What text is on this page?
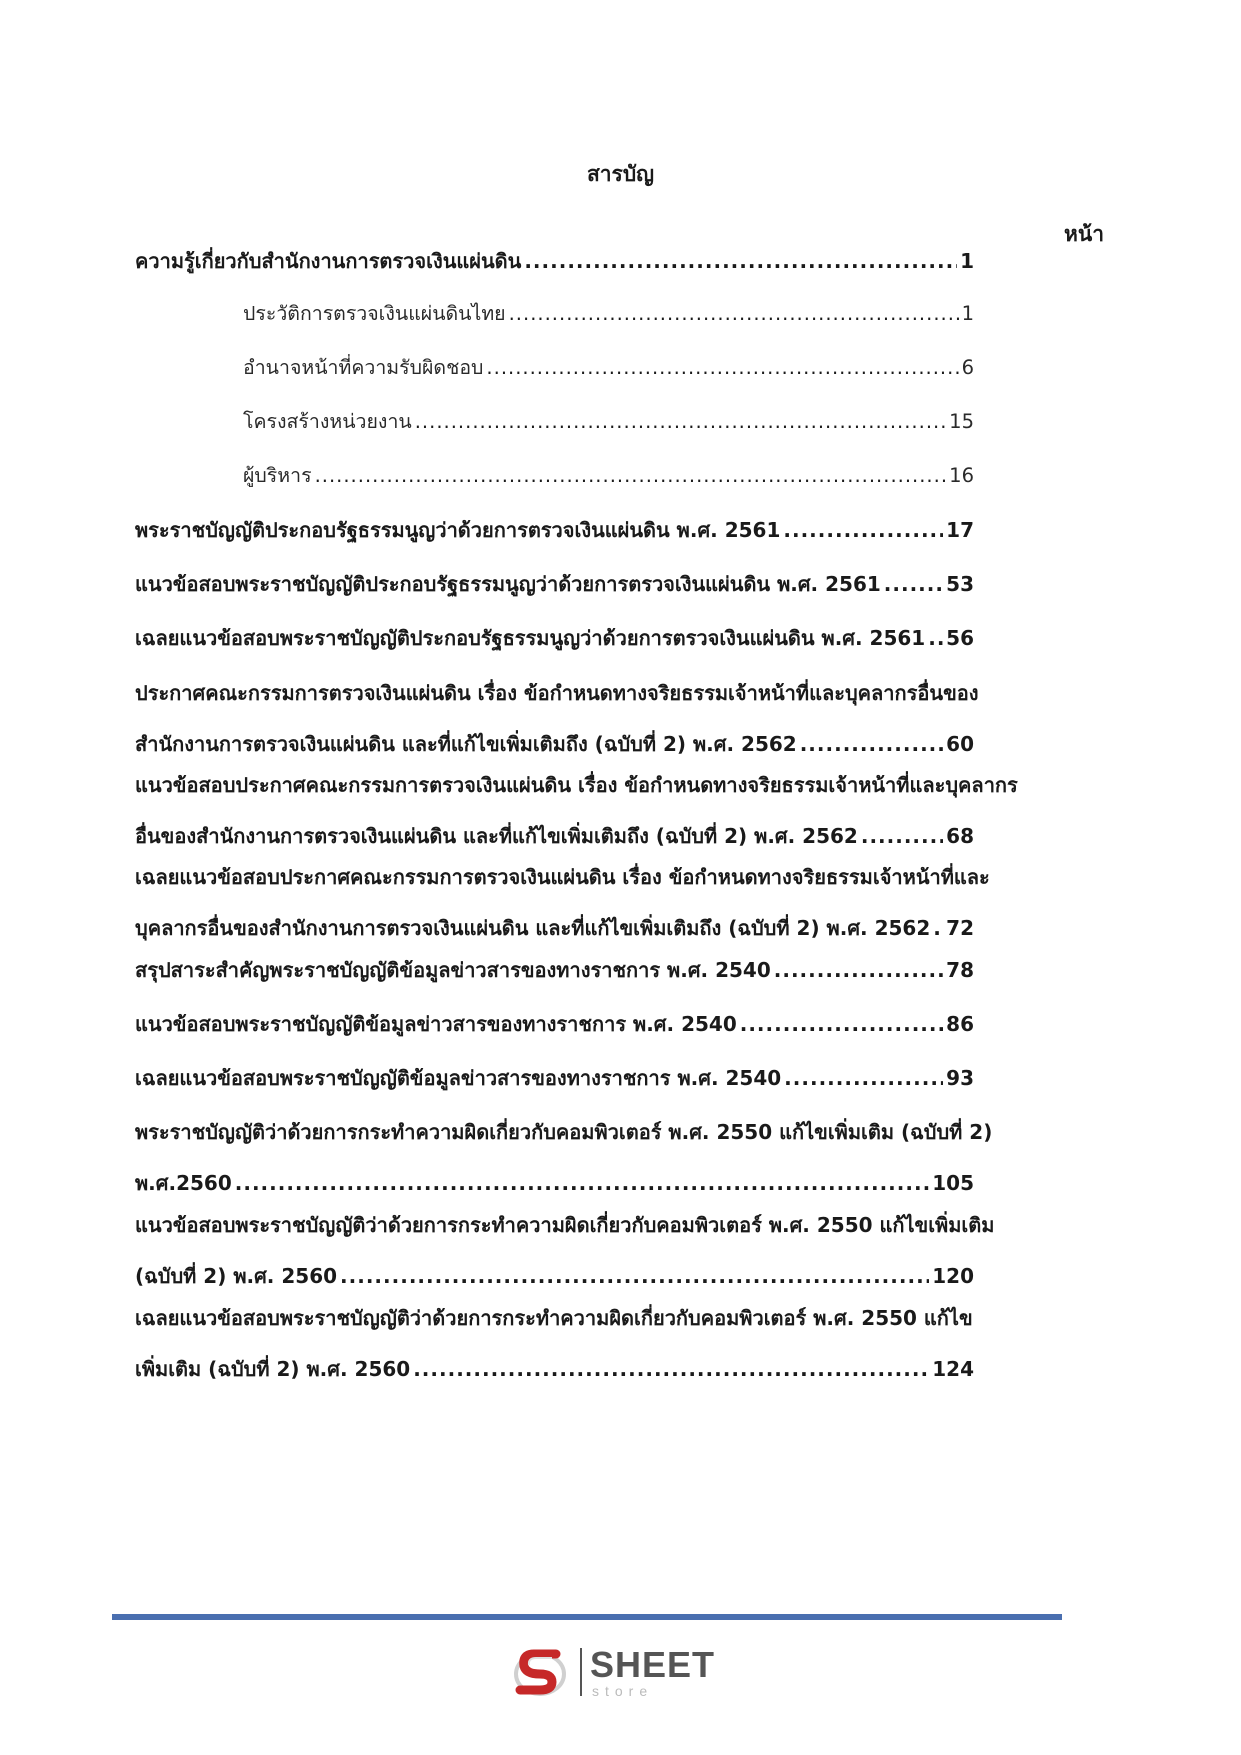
สารบัญ
หน้า
ความรู้เกี่ยวกับสำนักงานการตรวจเงินแผ่นดิน .....	1
ประวัติการตรวจเงินแผ่นดินไทย .....	1
อำนาจหน้าที่ความรับผิดชอบ .....	6
โครงสร้างหน่วยงาน .....	15
ผู้บริหาร .....	16
พระราชบัญญัติประกอบรัฐธรรมนูญว่าด้วยการตรวจเงินแผ่นดิน พ.ศ. 2561 .....	17
แนวข้อสอบพระราชบัญญัติประกอบรัฐธรรมนูญว่าด้วยการตรวจเงินแผ่นดิน พ.ศ. 2561 .....	53
เฉลยแนวข้อสอบพระราชบัญญัติประกอบรัฐธรรมนูญว่าด้วยการตรวจเงินแผ่นดิน พ.ศ. 2561 ..... 56
ประกาศคณะกรรมการตรวจเงินแผ่นดิน เรื่อง ข้อกำหนดทางจริยธรรมเจ้าหน้าที่และบุคลากรอื่นของ
สำนักงานการตรวจเงินแผ่นดิน และที่แก้ไขเพิ่มเติมถึง (ฉบับที่ 2) พ.ศ. 2562 .....	60
แนวข้อสอบประกาศคณะกรรมการตรวจเงินแผ่นดิน เรื่อง ข้อกำหนดทางจริยธรรมเจ้าหน้าที่และบุคลากร
อื่นของสำนักงานการตรวจเงินแผ่นดิน และที่แก้ไขเพิ่มเติมถึง (ฉบับที่ 2) พ.ศ. 2562 .....	68
เฉลยแนวข้อสอบประกาศคณะกรรมการตรวจเงินแผ่นดิน เรื่อง ข้อกำหนดทางจริยธรรมเจ้าหน้าที่และ
บุคลากรอื่นของสำนักงานการตรวจเงินแผ่นดิน และที่แก้ไขเพิ่มเติมถึง (ฉบับที่ 2) พ.ศ. 2562 ..... 72
สรุปสาระสำคัญพระราชบัญญัติข้อมูลข่าวสารของทางราชการ พ.ศ. 2540 .....	78
แนวข้อสอบพระราชบัญญัติข้อมูลข่าวสารของทางราชการ พ.ศ. 2540 .....	86
เฉลยแนวข้อสอบพระราชบัญญัติข้อมูลข่าวสารของทางราชการ พ.ศ. 2540 .....	93
พระราชบัญญัติว่าด้วยการกระทำความผิดเกี่ยวกับคอมพิวเตอร์ พ.ศ. 2550 แก้ไขเพิ่มเติม (ฉบับที่ 2)
พ.ศ.2560 .....	105
แนวข้อสอบพระราชบัญญัติว่าด้วยการกระทำความผิดเกี่ยวกับคอมพิวเตอร์ พ.ศ. 2550 แก้ไขเพิ่มเติม
(ฉบับที่ 2) พ.ศ. 2560 .....	120
เฉลยแนวข้อสอบพระราชบัญญัติว่าด้วยการกระทำความผิดเกี่ยวกับคอมพิวเตอร์ พ.ศ. 2550 แก้ไข
เพิ่มเติม (ฉบับที่ 2) พ.ศ. 2560 .....	124
SHEET
store
